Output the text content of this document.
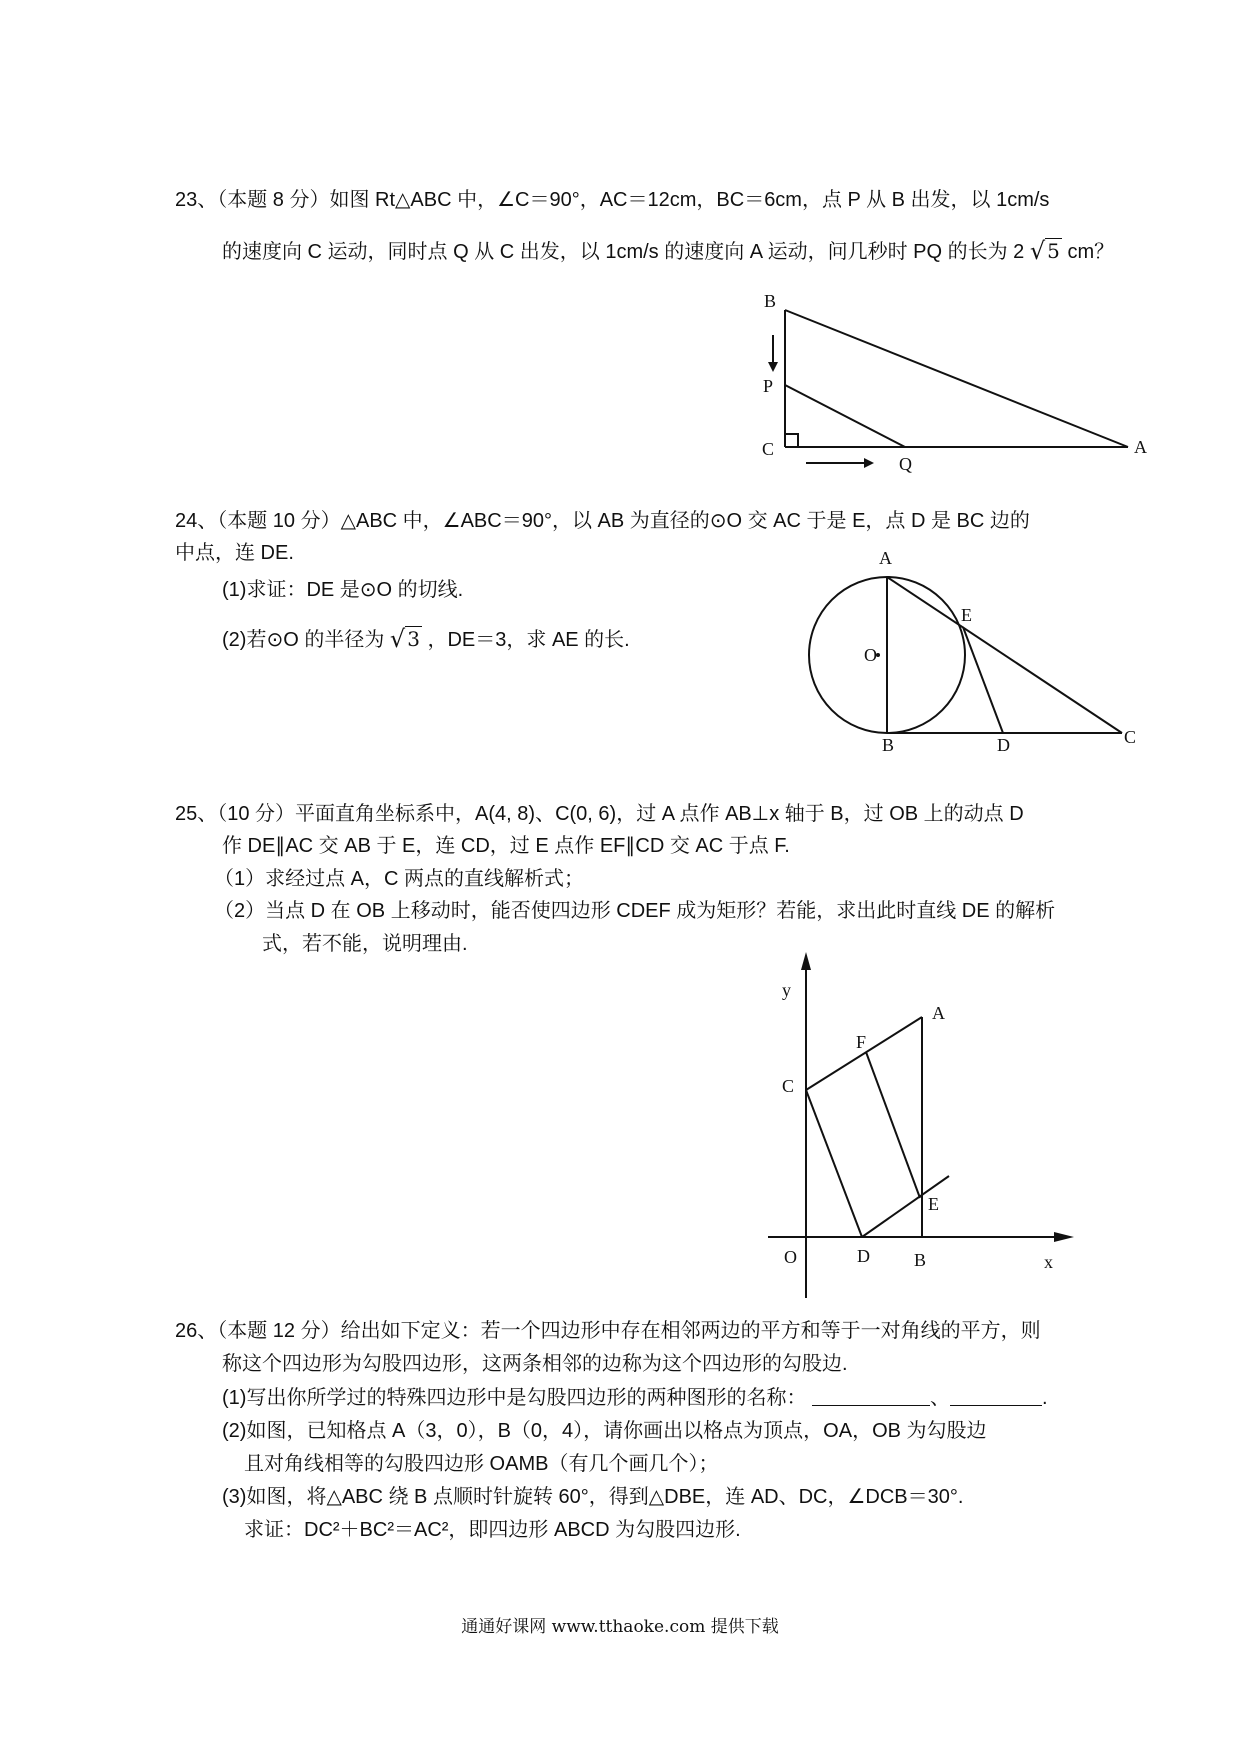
23、（本题 8 分）如图 Rt△ABC 中，∠C＝90°，AC＝12cm，BC＝6cm，点 P 从 B 出发，以 1cm/s
的速度向 C 运动，同时点 Q 从 C 出发，以 1cm/s 的速度向 A 运动，问几秒时 PQ 的长为 2 √ 5 cm？
B
P
C
Q
A
A
E
O
B	D	C
y
A
F
C
E
O	D B	x
24、（本题 10 分）△ABC 中，∠ABC＝90°，以 AB 为直径的⊙O 交 AC 于是 E，点 D 是 BC 边的
中点，连 DE.
(1)求证：DE 是⊙O 的切线.
(2)若⊙O 的半径为 √ 3 ，DE＝3，求 AE 的长.
25、（10 分）平面直角坐标系中，A(4, 8)、C(0, 6)，过 A 点作 AB⊥x 轴于 B，过 OB 上的动点 D
作 DE∥AC 交 AB 于 E，连 CD，过 E 点作 EF∥CD 交 AC 于点 F.
（1）求经过点 A，C 两点的直线解析式；
（2）当点 D 在 OB 上移动时，能否使四边形 CDEF 成为矩形？若能，求出此时直线 DE 的解析
式，若不能，说明理由.
26、（本题 12 分）给出如下定义：若一个四边形中存在相邻两边的平方和等于一对角线的平方，则
称这个四边形为勾股四边形，这两条相邻的边称为这个四边形的勾股边.
(1)写出你所学过的特殊四边形中是勾股四边形的两种图形的名称：	、	.
(2)如图，已知格点 A（3，0），B（0，4），请你画出以格点为顶点，OA，OB 为勾股边
且对角线相等的勾股四边形 OAMB（有几个画几个）；
(3)如图，将△ABC 绕 B 点顺时针旋转 60°，得到△DBE，连 AD、DC，∠DCB＝30°.
求证：DC²＋BC²＝AC²，即四边形 ABCD 为勾股四边形.
通通好课网 www.tthaoke.com 提供下载
